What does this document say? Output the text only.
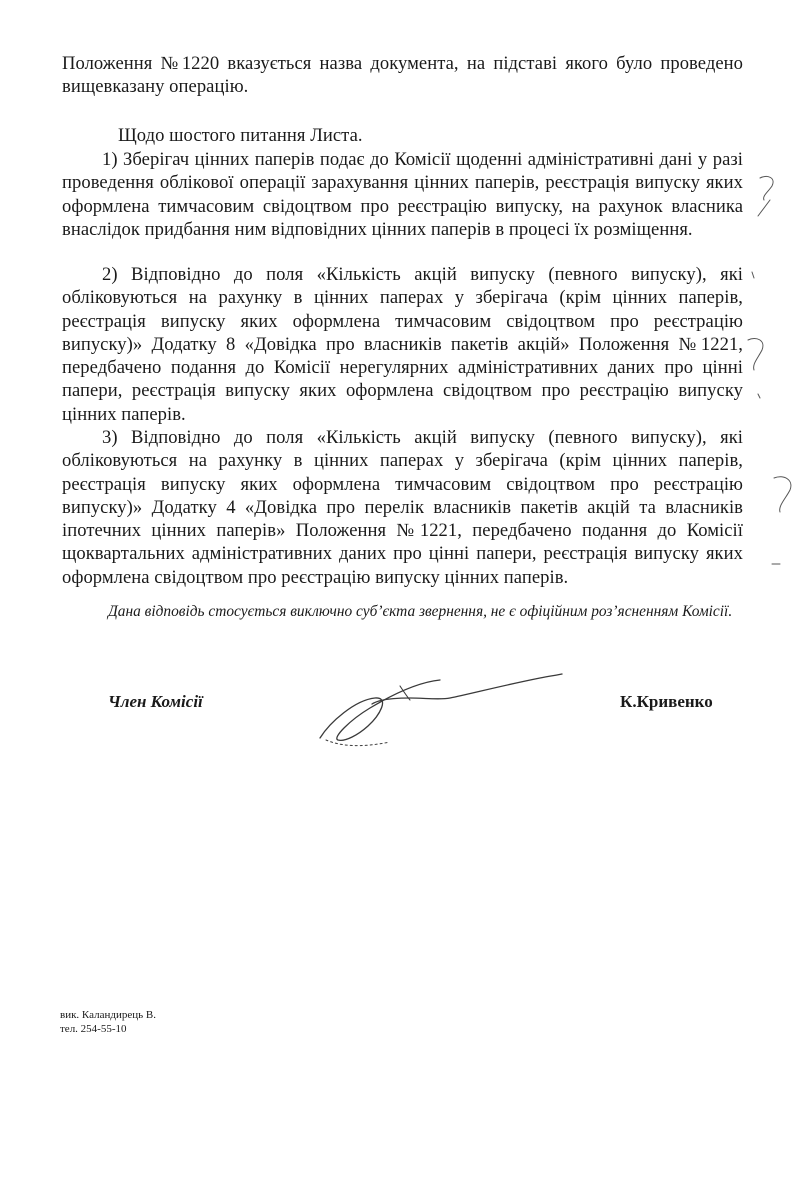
Положення №1220 вказується назва документа, на підставі якого було проведено вищевказану операцію.

Щодо шостого питання Листа.

1) Зберігач цінних паперів подає до Комісії щоденні адміністративні дані у разі проведення облікової операції зарахування цінних паперів, реєстрація випуску яких оформлена тимчасовим свідоцтвом про реєстрацію випуску, на рахунок власника внаслідок придбання ним відповідних цінних паперів в процесі їх розміщення.

2) Відповідно до поля «Кількість акцій випуску (певного випуску), які обліковуються на рахунку в цінних паперах у зберігача (крім цінних паперів, реєстрація випуску яких оформлена тимчасовим свідоцтвом про реєстрацію випуску)» Додатку 8 «Довідка про власників пакетів акцій» Положення №1221, передбачено подання до Комісії нерегулярних адміністративних даних про цінні папери, реєстрація випуску яких оформлена свідоцтвом про реєстрацію випуску цінних паперів.

3) Відповідно до поля «Кількість акцій випуску (певного випуску), які обліковуються на рахунку в цінних паперах у зберігача (крім цінних паперів, реєстрація випуску яких оформлена тимчасовим свідоцтвом про реєстрацію випуску)» Додатку 4 «Довідка про перелік власників пакетів акцій та власників іпотечних цінних паперів» Положення №1221, передбачено подання до Комісії щоквартальних адміністративних даних про цінні папери, реєстрація випуску яких оформлена свідоцтвом про реєстрацію випуску цінних паперів.

Дана відповідь стосується виключно суб’єкта звернення, не є офіційним роз’ясненням Комісії.
Член Комісії	К.Кривенко
вик. Каландирець В.
тел. 254-55-10
